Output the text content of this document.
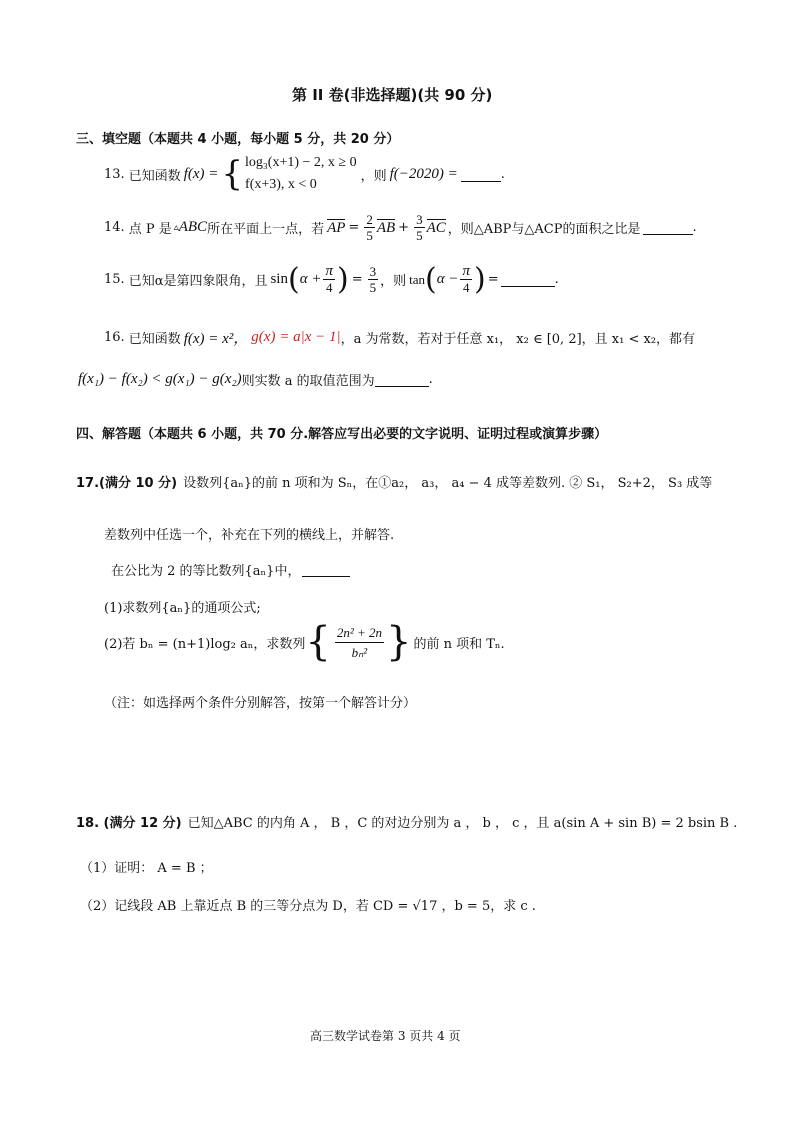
第 II 卷(非选择题)(共 90 分)
三、填空题（本题共 4 小题，每小题 5 分，共 20 分）
13. 已知函数 f(x) = { log₃(x+1) − 2, x ≥ 0
f(x+3), x < 0
，则 f(−2020) =	.
14. 点 P 是 ▵ ABC 所在平面上一点，若 AP = $\frac{2}{5}$ AB + $\frac{3}{5}$ AC ，则△ABP与△ACP的面积之比是	.
15. 已知α是第四象限角，且 sin ( $\alpha + \frac{\pi}{4}$ ) = $\frac{3}{5}$ ，则 tan ( $\alpha - \frac{\pi}{4}$ ) =	.
16. 已知函数 f(x) = x²， g(x) = a|x − 1| ，a 为常数，若对于任意 x₁， x₂ ∈ [0, 2]，且 x₁ < x₂，都有
f(x₁) − f(x₂) < g(x₁) − g(x₂) 则实数 a 的取值范围为	.
四、解答题（本题共 6 小题，共 70 分.解答应写出必要的文字说明、证明过程或演算步骤）
17.(满分 10 分) 设数列{aₙ}的前 n 项和为 Sₙ，在①a₂， a₃， a₄ − 4 成等差数列. ② S₁， S₂+2， S₃ 成等
差数列中任选一个，补充在下列的横线上，并解答.
在公比为 2 的等比数列{aₙ}中，
(1)求数列{aₙ}的通项公式;
(2)若 bₙ = (n+1)log₂ aₙ，求数列 { $\frac{\text{2n² + 2n}}{\text{bₙ²}}$ } 的前 n 项和 Tₙ.
（注：如选择两个条件分别解答，按第一个解答计分）
18. (满分 12 分) 已知△ABC 的内角 A ， B ，C 的对边分别为 a ， b ， c ，且 a(sin A + sin B) = 2 bsin B .
（1）证明： A = B ；
（2）记线段 AB 上靠近点 B 的三等分点为 D，若 CD = √17 ，b = 5，求 c .
高三数学试卷第 3 页共 4 页
